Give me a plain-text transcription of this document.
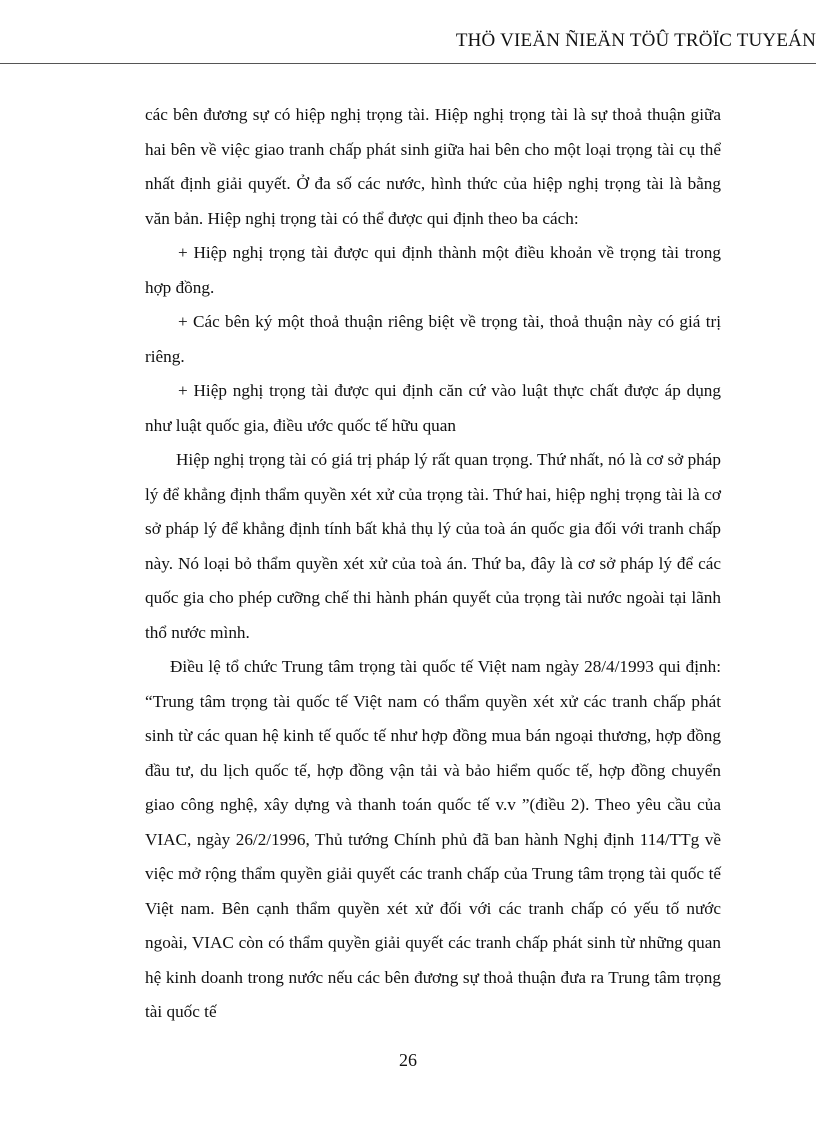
THÖ VIEÄN ÑIEÄN TÖÛ TRÖÏC TUYEÁN

các bên đương sự có hiệp nghị trọng tài. Hiệp nghị trọng tài là sự thoả thuận giữa hai bên về việc giao tranh chấp phát sinh giữa hai bên cho một loại trọng tài cụ thể nhất định giải quyết. Ở đa số các nước, hình thức của hiệp nghị trọng tài là bằng văn bản. Hiệp nghị trọng tài có thể được qui định theo ba cách:

+ Hiệp nghị trọng tài được qui định thành một điều khoản về trọng tài trong hợp đồng.

+ Các bên ký một thoả thuận riêng biệt về trọng tài, thoả thuận này có giá trị riêng.

+ Hiệp nghị trọng tài được qui định căn cứ vào luật thực chất được áp dụng như luật quốc gia, điều ước quốc tế hữu quan

Hiệp nghị trọng tài có giá trị pháp lý rất quan trọng. Thứ nhất, nó là cơ sở pháp lý để khẳng định thẩm quyền xét xử của trọng tài. Thứ hai, hiệp nghị trọng tài là cơ sở pháp lý để khẳng định tính bất khả thụ lý của toà án quốc gia đối với tranh chấp này. Nó loại bỏ thẩm quyền xét xử của toà án. Thứ ba, đây là cơ sở pháp lý để các quốc gia cho phép cưỡng chế thi hành phán quyết của trọng tài nước ngoài tại lãnh thổ nước mình.

Điều lệ tổ chức Trung tâm trọng tài quốc tế Việt nam ngày 28/4/1993 qui định: “Trung tâm trọng tài quốc tế Việt nam có thẩm quyền xét xử các tranh chấp phát sinh từ các quan hệ kinh tế quốc tế như hợp đồng mua bán ngoại thương, hợp đồng đầu tư, du lịch quốc tế, hợp đồng vận tải và bảo hiểm quốc tế, hợp đồng chuyển giao công nghệ, xây dựng và thanh toán quốc tế v.v ”(điều 2). Theo yêu cầu của VIAC, ngày 26/2/1996, Thủ tướng Chính phủ đã ban hành Nghị định 114/TTg về việc mở rộng thẩm quyền giải quyết các tranh chấp của Trung tâm trọng tài quốc tế Việt nam. Bên cạnh thẩm quyền xét xử đối với các tranh chấp có yếu tố nước ngoài, VIAC còn có thẩm quyền giải quyết các tranh chấp phát sinh từ những quan hệ kinh doanh trong nước nếu các bên đương sự thoả thuận đưa ra Trung tâm trọng tài quốc tế

26
